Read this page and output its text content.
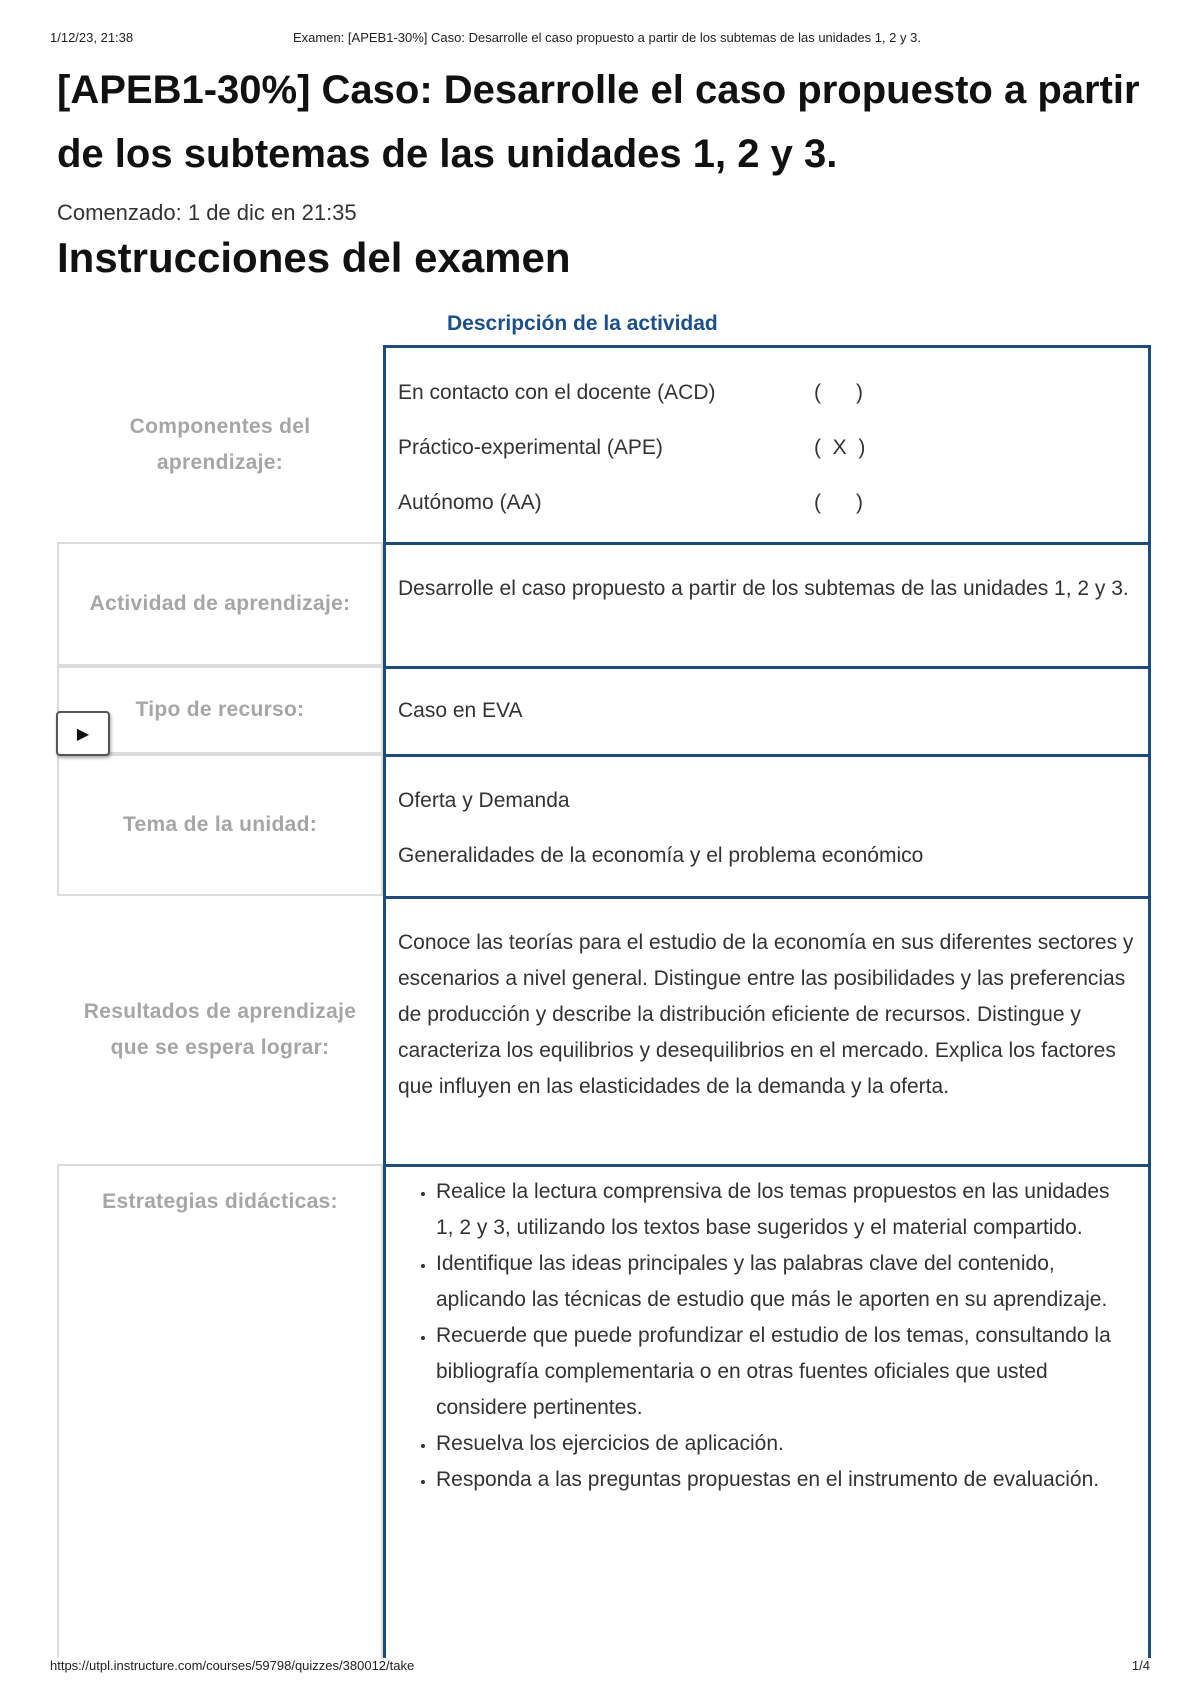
1/12/23, 21:38	Examen: [APEB1-30%] Caso: Desarrolle el caso propuesto a partir de los subtemas de las unidades 1, 2 y 3.
[APEB1-30%] Caso: Desarrolle el caso propuesto a partir de los subtemas de las unidades 1, 2 y 3.
Comenzado: 1 de dic en 21:35
Instrucciones del examen
Descripción de la actividad
Componentes del aprendizaje:
En contacto con el docente (ACD)	(      )
Práctico-experimental (APE)	(  X  )
Autónomo (AA)	(      )
Actividad de aprendizaje:

Desarrolle el caso propuesto a partir de los subtemas de las unidades 1, 2 y 3.

Tipo de recurso:	Caso en EVA

Tema de la unidad:

Oferta y Demanda

Generalidades de la economía y el problema económico

Resultados de aprendizaje que se espera lograr:

Conoce las teorías para el estudio de la economía en sus diferentes sectores y escenarios a nivel general. Distingue entre las posibilidades y las preferencias de producción y describe la distribución eficiente de recursos. Distingue y caracteriza los equilibrios y desequilibrios en el mercado. Explica los factores que influyen en las elasticidades de la demanda y la oferta.

Estrategias didácticas:
•	Realice la lectura comprensiva de los temas propuestos en las unidades 1, 2 y 3, utilizando los textos base sugeridos y el material compartido.
• Identifique las ideas principales y las palabras clave del contenido, aplicando las técnicas de estudio que más le aporten en su aprendizaje.
• Recuerde que puede profundizar el estudio de los temas, consultando la bibliografía complementaria o en otras fuentes oficiales que usted considere pertinentes.
• Resuelva los ejercicios de aplicación.
• Responda a las preguntas propuestas en el instrumento de evaluación.
▶
https://utpl.instructure.com/courses/59798/quizzes/380012/take	1/4
